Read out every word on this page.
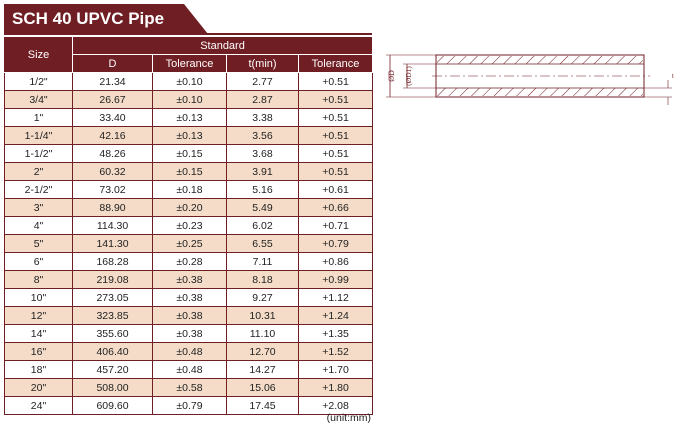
SCH 40 UPVC Pipe
Size	Standard			
	D	Tolerance	t(min)	Tolerance
1/2"	21.34	±0.10	2.77	+0.51
3/4"	26.67	±0.10	2.87	+0.51
1"	33.40	±0.13	3.38	+0.51
1-1/4"	42.16	±0.13	3.56	+0.51
1-1/2"	48.26	±0.15	3.68	+0.51
2"	60.32	±0.15	3.91	+0.51
2-1/2"	73.02	±0.18	5.16	+0.61
3"	88.90	±0.20	5.49	+0.66
4"	114.30	±0.23	6.02	+0.71
5"	141.30	±0.25	6.55	+0.79
6"	168.28	±0.28	7.11	+0.86
8"	219.08	±0.38	8.18	+0.99
10"	273.05	±0.38	9.27	+1.12
12"	323.85	±0.38	10.31	+1.24
14"	355.60	±0.38	11.10	+1.35
16"	406.40	±0.48	12.70	+1.52
18"	457.20	±0.48	14.27	+1.70
20"	508.00	±0.58	15.06	+1.80
24"	609.60	±0.79	17.45	+2.08
(unit:mm)
ØD (ØD1)	t
